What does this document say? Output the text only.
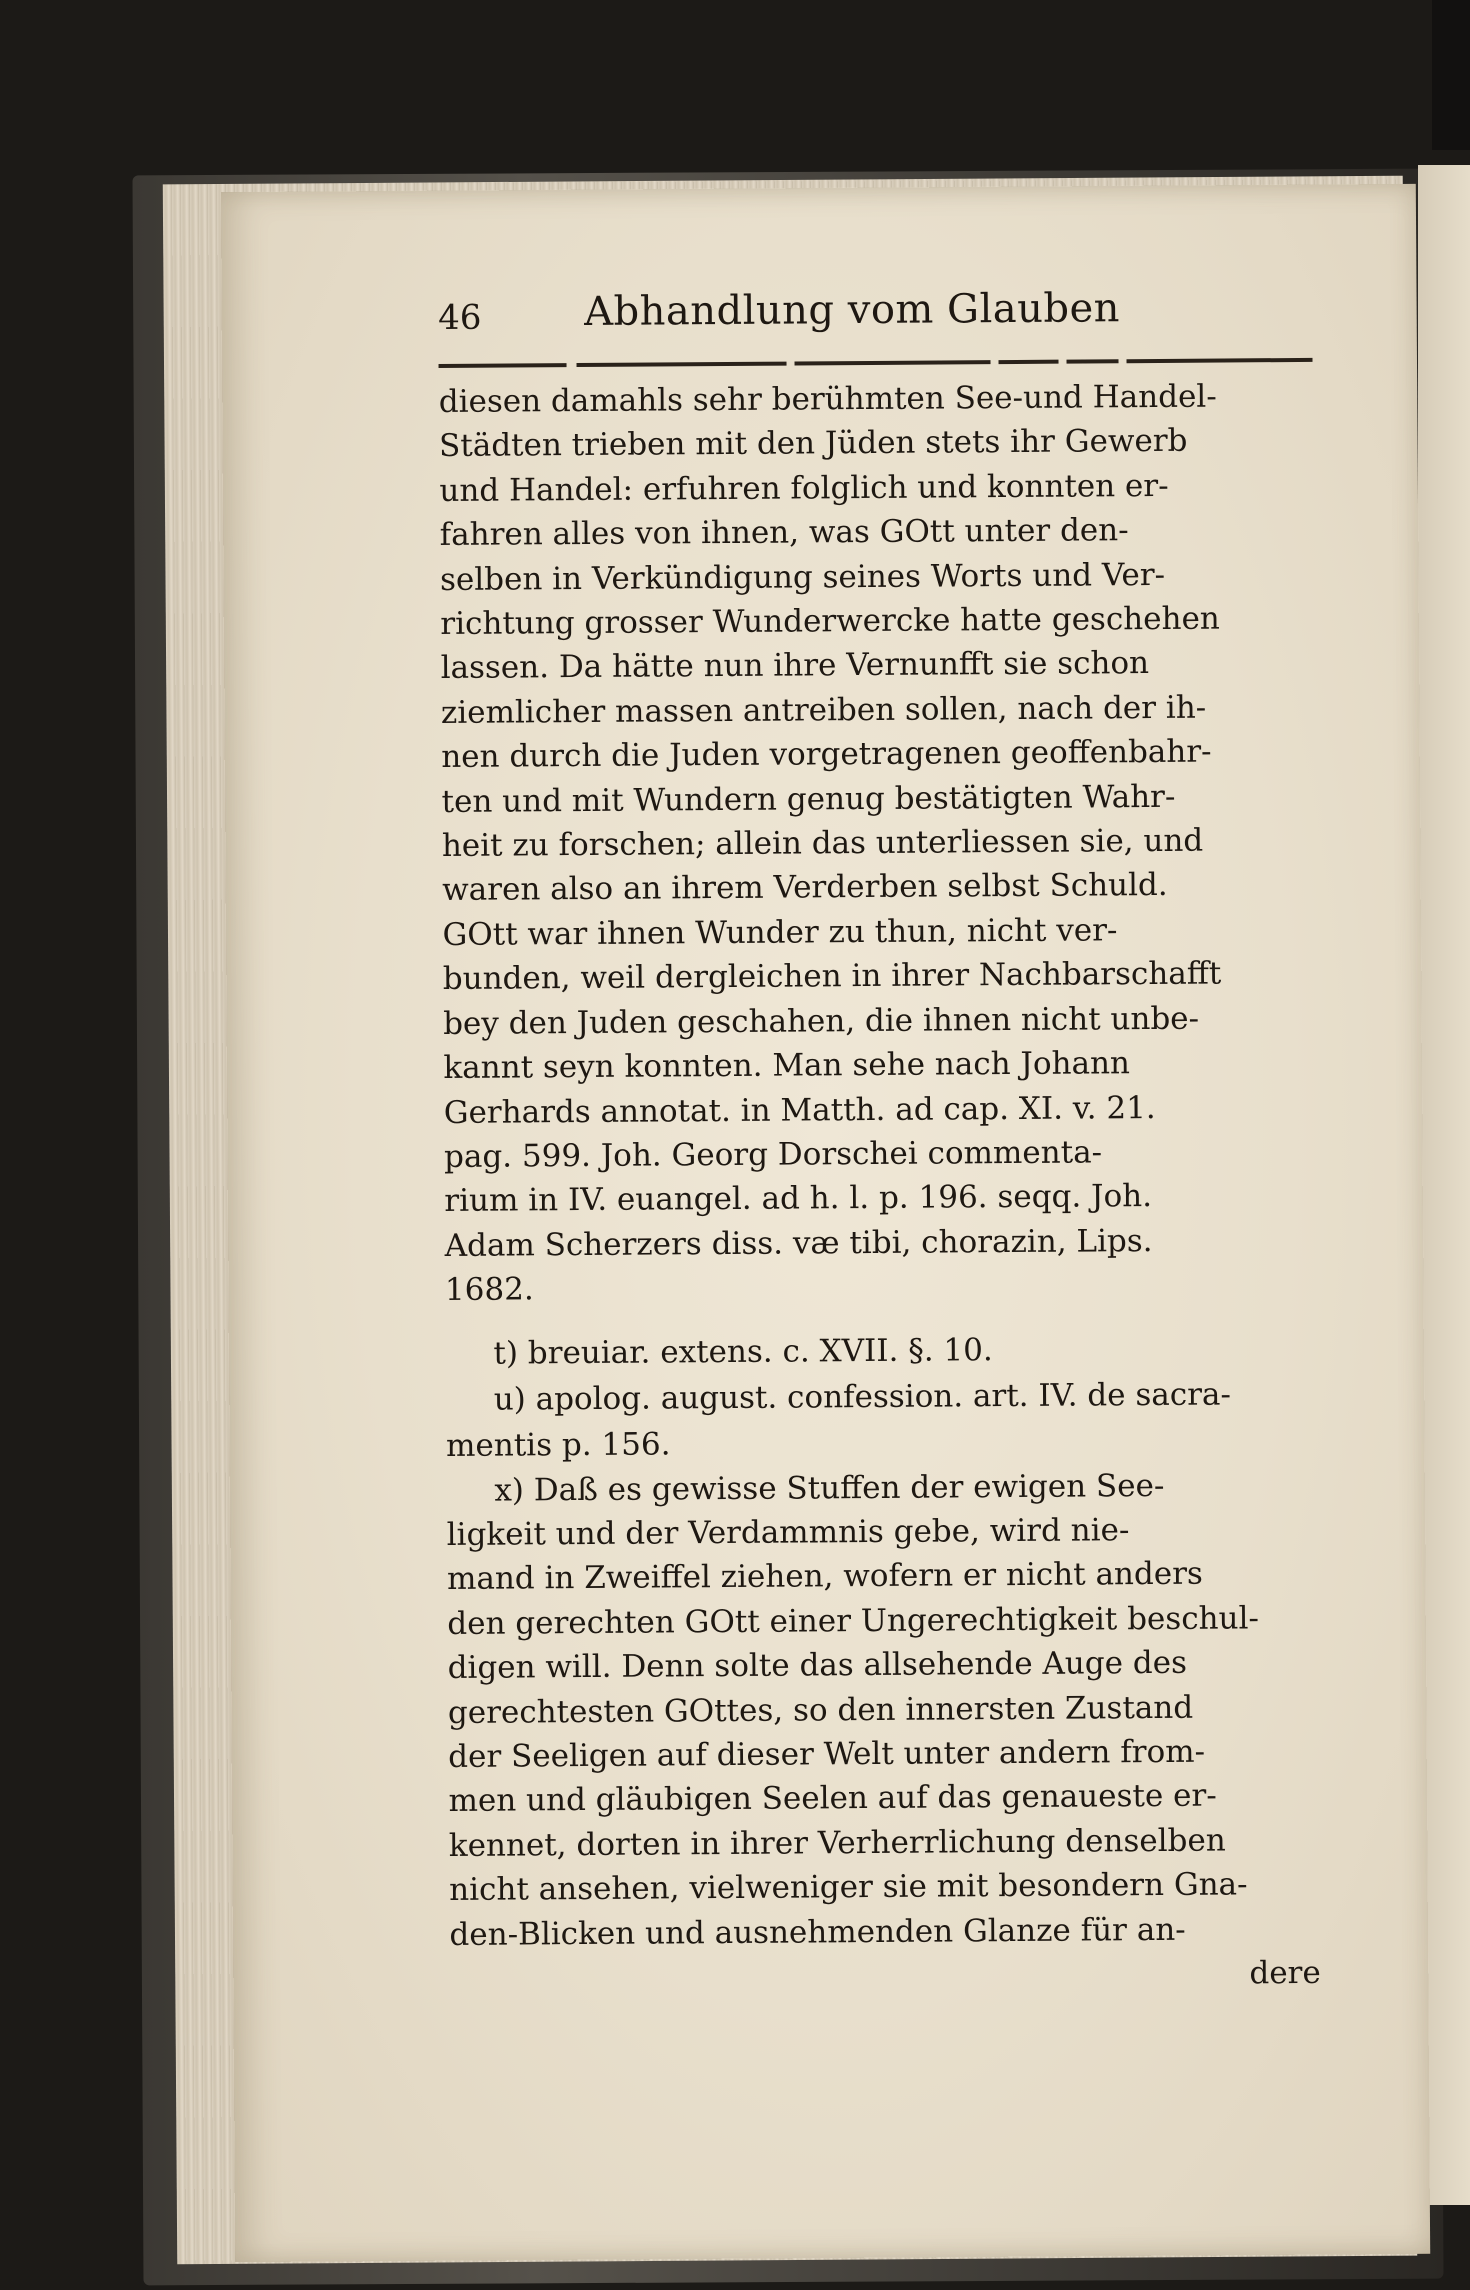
46	Abhandlung vom Glauben
diesen damahls sehr berühmten See-und Handel-
Städten trieben mit den Jüden stets ihr Gewerb
und Handel: erfuhren folglich und konnten er-
fahren alles von ihnen, was GOtt unter den-
selben in Verkündigung seines Worts und Ver-
richtung grosser Wunderwercke hatte geschehen
lassen. Da hätte nun ihre Vernunfft sie schon
ziemlicher massen antreiben sollen, nach der ih-
nen durch die Juden vorgetragenen geoffenbahr-
ten und mit Wundern genug bestätigten Wahr-
heit zu forschen; allein das unterliessen sie, und
waren also an ihrem Verderben selbst Schuld.
GOtt war ihnen Wunder zu thun, nicht ver-
bunden, weil dergleichen in ihrer Nachbarschafft
bey den Juden geschahen, die ihnen nicht unbe-
kannt seyn konnten. Man sehe nach Johann
Gerhards annotat. in Matth. ad cap. XI. v. 21.
pag. 599. Joh. Georg Dorschei commenta-
rium in IV. euangel. ad h. l. p. 196. seqq. Joh.
Adam Scherzers diss. væ tibi, chorazin, Lips.
1682.
t) breuiar. extens. c. XVII. §. 10.
u) apolog. august. confession. art. IV. de sacra-
mentis p. 156.
x) Daß es gewisse Stuffen der ewigen See-
ligkeit und der Verdammnis gebe, wird nie-
mand in Zweiffel ziehen, wofern er nicht anders
den gerechten GOtt einer Ungerechtigkeit beschul-
digen will. Denn solte das allsehende Auge des
gerechtesten GOttes, so den innersten Zustand
der Seeligen auf dieser Welt unter andern from-
men und gläubigen Seelen auf das genaueste er-
kennet, dorten in ihrer Verherrlichung denselben
nicht ansehen, vielweniger sie mit besondern Gna-
den-Blicken und ausnehmenden Glanze für an-
dere
